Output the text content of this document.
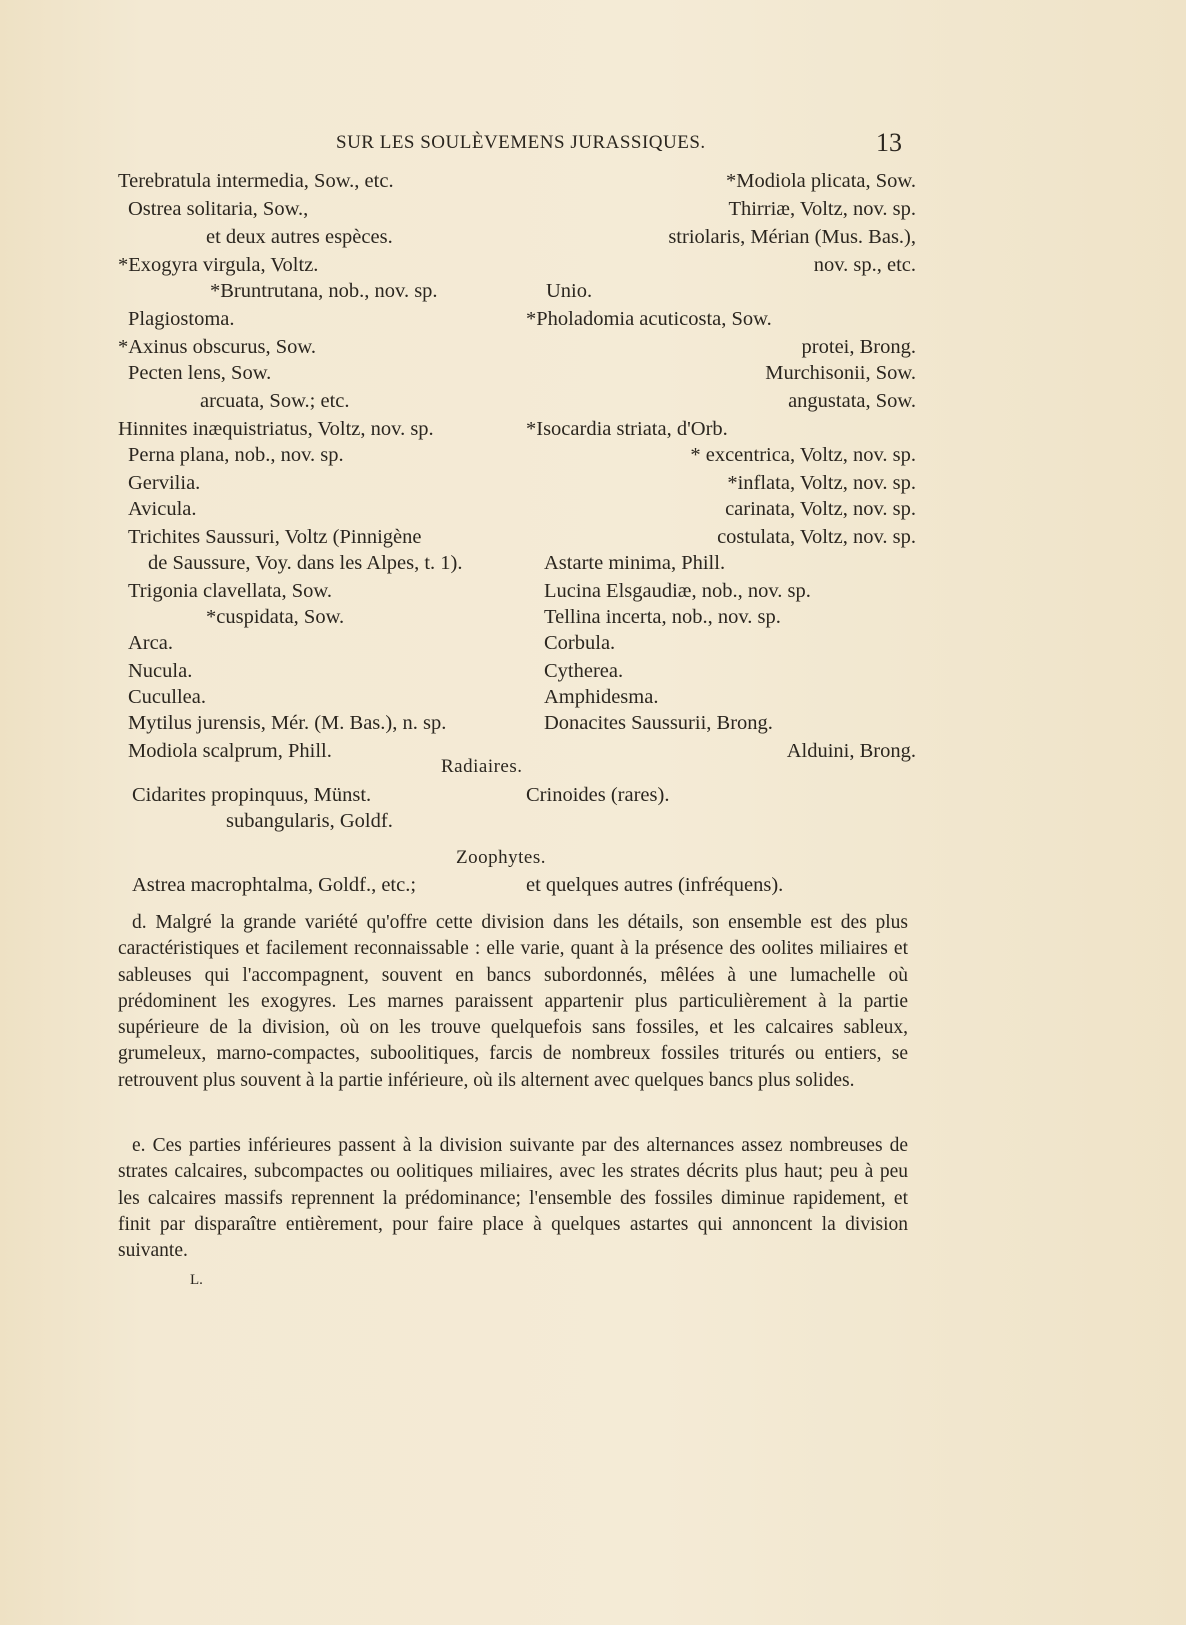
SUR LES SOULÈVEMENS JURASSIQUES.	13
Terebratula intermedia, Sow., etc.
Ostrea solitaria, Sow.,
et deux autres espèces.
*Exogyra virgula, Voltz.
*Bruntrutana, nob., nov. sp.
Plagiostoma.
*Axinus obscurus, Sow.
Pecten lens, Sow.
arcuata, Sow.; etc.
Hinnites inæquistriatus, Voltz, nov. sp.
Perna plana, nob., nov. sp.
Gervilia.
Avicula.
Trichites Saussuri, Voltz (Pinnigène
de Saussure, Voy. dans les Alpes, t. 1).
Trigonia clavellata, Sow.
*cuspidata, Sow.
Arca.
Nucula.
Cucullea.
Mytilus jurensis, Mér. (M. Bas.), n. sp.
Modiola scalprum, Phill.
*Modiola plicata, Sow.
Thirriæ, Voltz, nov. sp.
striolaris, Mérian (Mus. Bas.),
nov. sp., etc.
Unio.
*Pholadomia acuticosta, Sow.
protei, Brong.
Murchisonii, Sow.
angustata, Sow.
*Isocardia striata, d'Orb.
* excentrica, Voltz, nov. sp.
*inflata, Voltz, nov. sp.
carinata, Voltz, nov. sp.
costulata, Voltz, nov. sp.
Astarte minima, Phill.
Lucina Elsgaudiæ, nob., nov. sp.
Tellina incerta, nob., nov. sp.
Corbula.
Cytherea.
Amphidesma.
Donacites Saussurii, Brong.
Alduini, Brong.
Radiaires.
Cidarites propinquus, Münst.
subangularis, Goldf.
Crinoides (rares).
Zoophytes.
Astrea macrophtalma, Goldf., etc.;	et quelques autres (infréquens).

d. Malgré la grande variété qu'offre cette division dans les détails, son ensemble est des plus caractéristiques et facilement reconnaissable : elle varie, quant à la présence des oolites miliaires et sableuses qui l'accompagnent, souvent en bancs subordonnés, mêlées à une lumachelle où prédominent les exogyres. Les marnes paraissent appartenir plus particulièrement à la partie supérieure de la division, où on les trouve quelquefois sans fossiles, et les calcaires sableux, grumeleux, marno-compactes, suboolitiques, farcis de nombreux fossiles triturés ou entiers, se retrouvent plus souvent à la partie inférieure, où ils alternent avec quelques bancs plus solides.

e. Ces parties inférieures passent à la division suivante par des alternances assez nombreuses de strates calcaires, subcompactes ou oolitiques miliaires, avec les strates décrits plus haut; peu à peu les calcaires massifs reprennent la prédominance; l'ensemble des fossiles diminue rapidement, et finit par disparaître entièrement, pour faire place à quelques astartes qui annoncent la division suivante.

L.
